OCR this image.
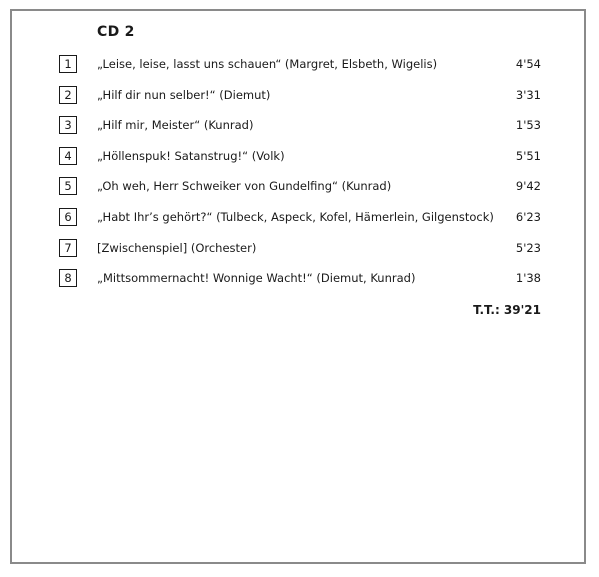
CD 2
1	„Leise, leise, lasst uns schauen“ (Margret, Elsbeth, Wigelis)	4'54
2	„Hilf dir nun selber!“ (Diemut)	3'31
3	„Hilf mir, Meister“ (Kunrad)	1'53
4	„Höllenspuk! Satanstrug!“ (Volk)	5'51
5	„Oh weh, Herr Schweiker von Gundelfing“ (Kunrad)	9'42
6	„Habt Ihr’s gehört?“ (Tulbeck, Aspeck, Kofel, Hämerlein, Gilgenstock) 6'23
7	[Zwischenspiel] (Orchester)	5'23
8	„Mittsommernacht! Wonnige Wacht!“ (Diemut, Kunrad)	1'38
T.T.: 39'21
